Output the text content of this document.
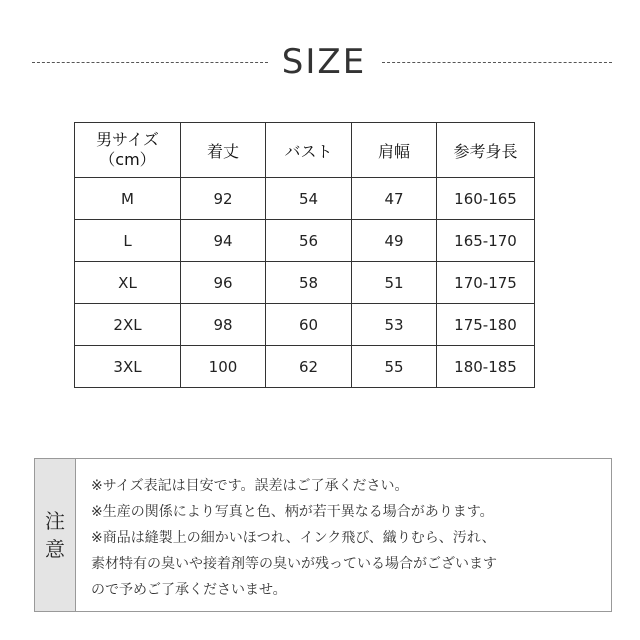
SIZE
男サイズ
（cm）	着丈	バスト	肩幅	参考身長
M	92	54	47	160-165
L	94	56	49	165-170
XL	96	58	51	170-175
2XL	98	60	53	175-180
3XL	100	62	55	180-185
注
意
※サイズ表記は目安です。誤差はご了承ください。
※生産の関係により写真と色、柄が若干異なる場合があります。
※商品は縫製上の細かいほつれ、インク飛び、織りむら、汚れ、
素材特有の臭いや接着剤等の臭いが残っている場合がございます
ので予めご了承くださいませ。
